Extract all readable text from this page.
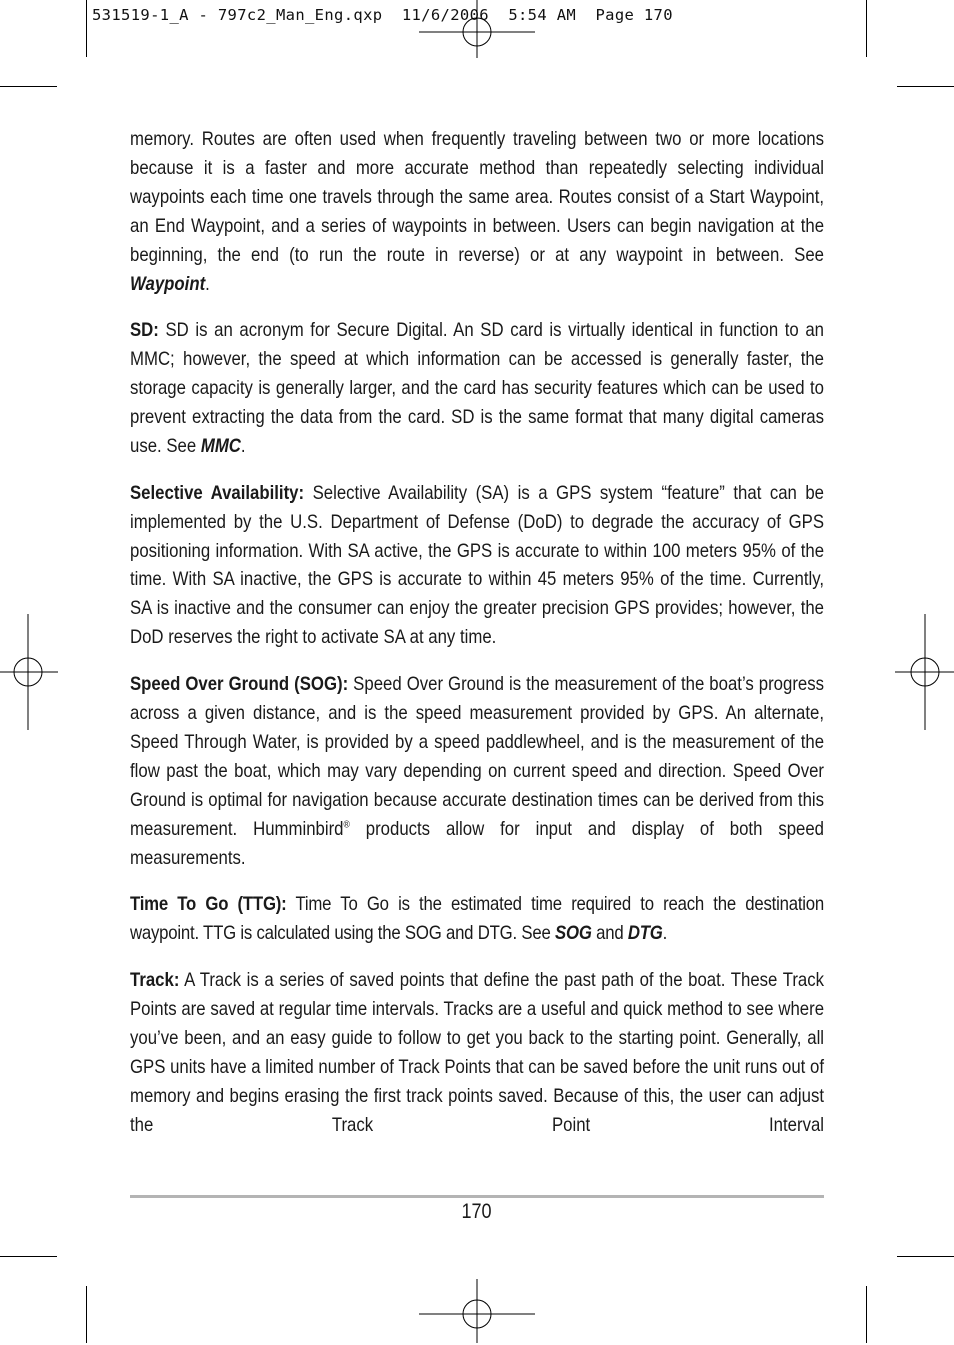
531519-1_A - 797c2_Man_Eng.qxp  11/6/2006  5:54 AM  Page 170

memory. Routes are often used when frequently traveling between two or more locations because it is a faster and more accurate method than repeatedly selecting individual waypoints each time one travels through the same area. Routes consist of a Start Waypoint, an End Waypoint, and a series of waypoints in between. Users can begin navigation at the beginning, the end (to run the route in reverse) or at any waypoint in between. See Waypoint.

SD: SD is an acronym for Secure Digital. An SD card is virtually identical in function to an MMC; however, the speed at which information can be accessed is generally faster, the storage capacity is generally larger, and the card has security features which can be used to prevent extracting the data from the card. SD is the same format that many digital cameras use. See MMC.

Selective Availability: Selective Availability (SA) is a GPS system “feature” that can be implemented by the U.S. Department of Defense (DoD) to degrade the accuracy of GPS positioning information. With SA active, the GPS is accurate to within 100 meters 95% of the time. With SA inactive, the GPS is accurate to within 45 meters 95% of the time. Currently, SA is inactive and the consumer can enjoy the greater precision GPS provides; however, the DoD reserves the right to activate SA at any time.

Speed Over Ground (SOG): Speed Over Ground is the measurement of the boat’s progress across a given distance, and is the speed measurement provided by GPS. An alternate, Speed Through Water, is provided by a speed paddlewheel, and is the measurement of the flow past the boat, which may vary depending on current speed and direction. Speed Over Ground is optimal for navigation because accurate destination times can be derived from this measurement. Humminbird® products allow for input and display of both speed measurements.

Time To Go (TTG): Time To Go is the estimated time required to reach the destination waypoint. TTG is calculated using the SOG and DTG. See SOG and DTG.

Track: A Track is a series of saved points that define the past path of the boat. These Track Points are saved at regular time intervals. Tracks are a useful and quick method to see where you’ve been, and an easy guide to follow to get you back to the starting point. Generally, all GPS units have a limited number of Track Points that can be saved before the unit runs out of memory and begins erasing the first track points saved. Because of this, the user can adjust the Track Point Interval

170
